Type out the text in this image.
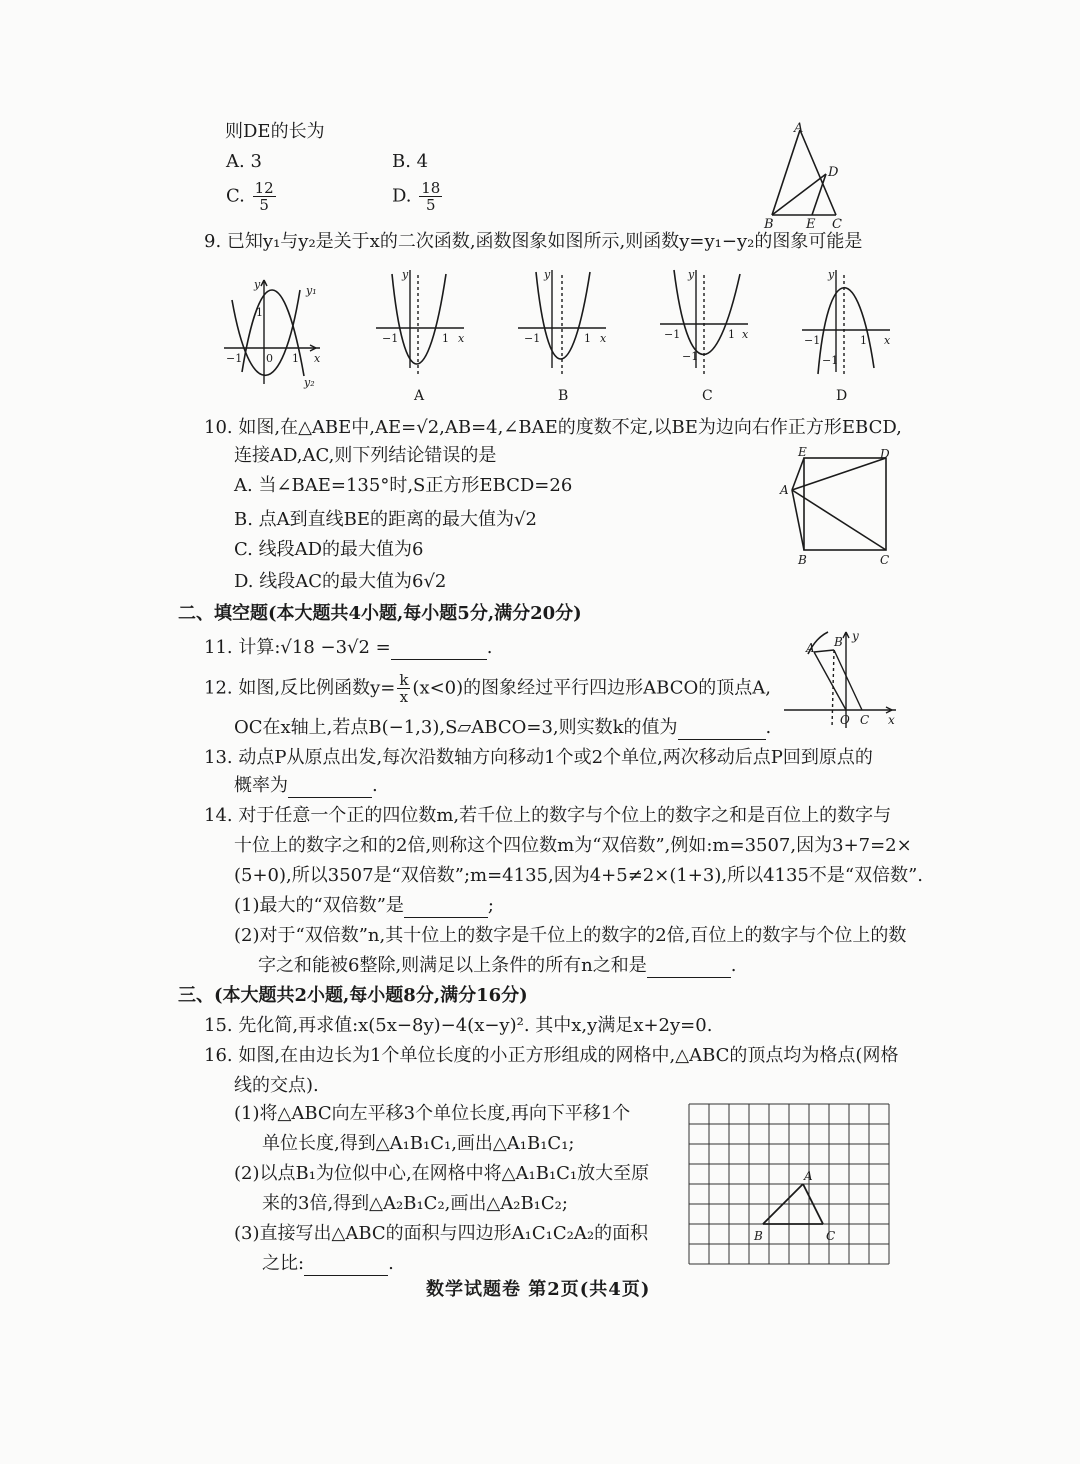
则DE的长为
A. 3	B. 4
C. $\frac{12}{5}$	D. $\frac{18}{5}$
A
D
B E C
9. 已知y₁与y₂是关于x的二次函数,函数图象如图所示,则函数y=y₁−y₂的图象可能是
y	y₁
y₂
1
−1 0 1 x
y
−1	1 x
A
y
−1	1 x
B
y
−1	1
−1
x
C
y
−1	1
−1
x
D
10. 如图,在△ABE中,AE=√2,AB=4,∠BAE的度数不定,以BE为边向右作正方形EBCD,
连接AD,AC,则下列结论错误的是
A. 当∠BAE=135°时,S正方形EBCD=26
B. 点A到直线BE的距离的最大值为√2
C. 线段AD的最大值为6
D. 线段AC的最大值为6√2
E	D
A
B	C
二、填空题(本大题共4小题,每小题5分,满分20分)
11. 计算:√18 −3√2 =	.
12. 如图,反比例函数$y= \frac{k}{x} (x<0)$的图象经过平行四边形ABCO的顶点A,
OC在x轴上,若点B(−1,3),S▱ABCO=3,则实数k的值为	.
A B y
O C x
13. 动点P从原点出发,每次沿数轴方向移动1个或2个单位,两次移动后点P回到原点的
概率为	.
14. 对于任意一个正的四位数m,若千位上的数字与个位上的数字之和是百位上的数字与
十位上的数字之和的2倍,则称这个四位数m为“双倍数”,例如:m=3507,因为3+7=2×
(5+0),所以3507是“双倍数”;m=4135,因为4+5≠2×(1+3),所以4135不是“双倍数”.
(1)最大的“双倍数”是	;
(2)对于“双倍数”n,其十位上的数字是千位上的数字的2倍,百位上的数字与个位上的数
字之和能被6整除,则满足以上条件的所有n之和是	.
三、(本大题共2小题,每小题8分,满分16分)
15. 先化简,再求值:x(5x−8y)−4(x−y)². 其中x,y满足x+2y=0.
16. 如图,在由边长为1个单位长度的小正方形组成的网格中,△ABC的顶点均为格点(网格
线的交点).
(1)将△ABC向左平移3个单位长度,再向下平移1个
单位长度,得到△A₁B₁C₁,画出△A₁B₁C₁;
(2)以点B₁为位似中心,在网格中将△A₁B₁C₁放大至原
来的3倍,得到△A₂B₁C₂,画出△A₂B₁C₂;
(3)直接写出△ABC的面积与四边形A₁C₁C₂A₂的面积
之比:	.
A
B	C
数学试题卷 第2页(共4页)
